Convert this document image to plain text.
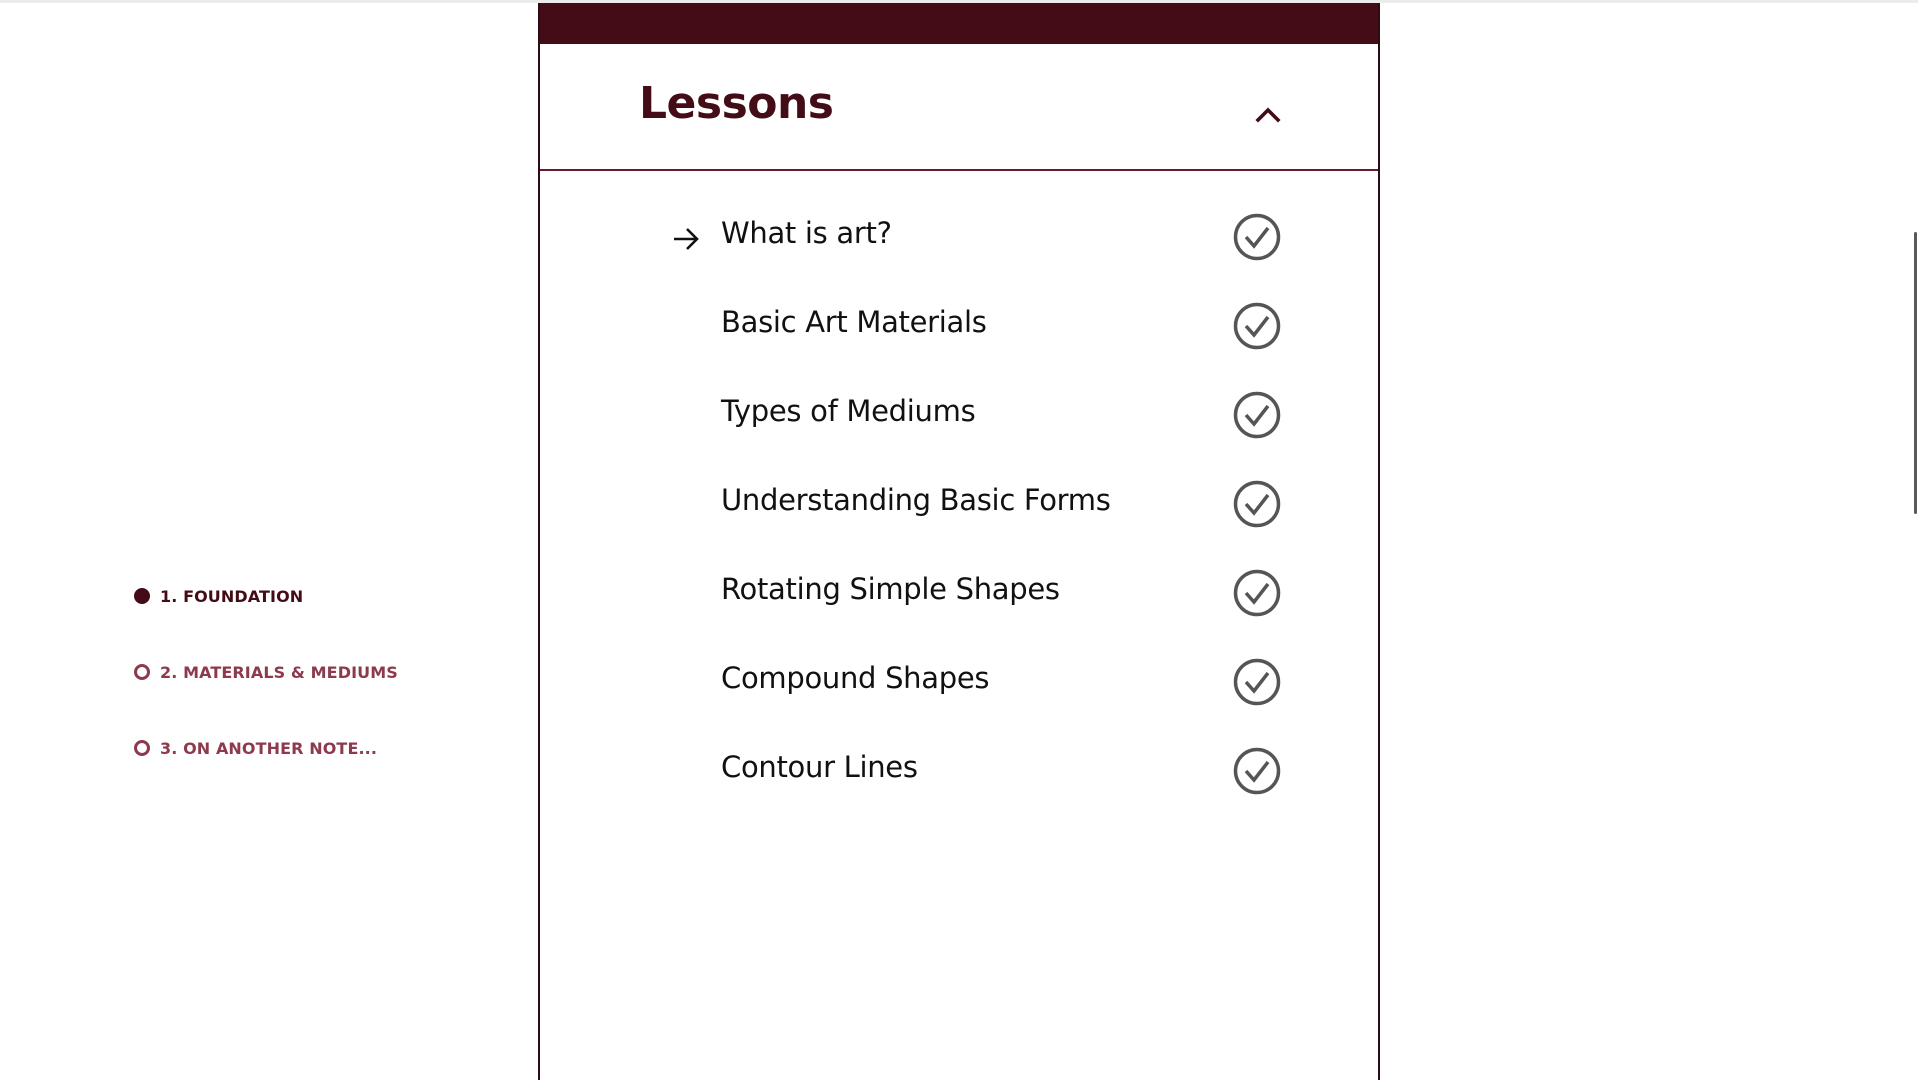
1. FOUNDATION
2. MATERIALS & MEDIUMS
3. ON ANOTHER NOTE...
Lessons
What is art?
Basic Art Materials
Types of Mediums
Understanding Basic Forms
Rotating Simple Shapes
Compound Shapes
Contour Lines
